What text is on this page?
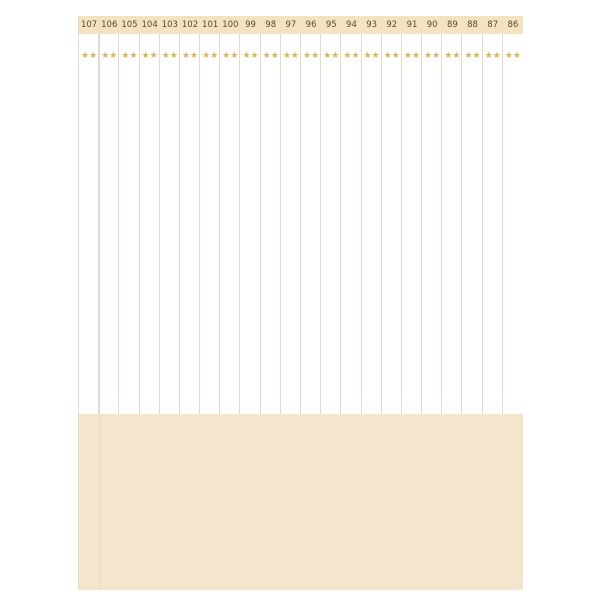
86
★★
87
★★
88
★★
89
★★
90
★★
91
★★
92
★★
93
★★
94
★★
95
★★
96
★★
97
★★
98
★★
99
★★
100
★★
101
★★
102
★★
103
★★
104
★★
105
★★
106
★★
107
★★
